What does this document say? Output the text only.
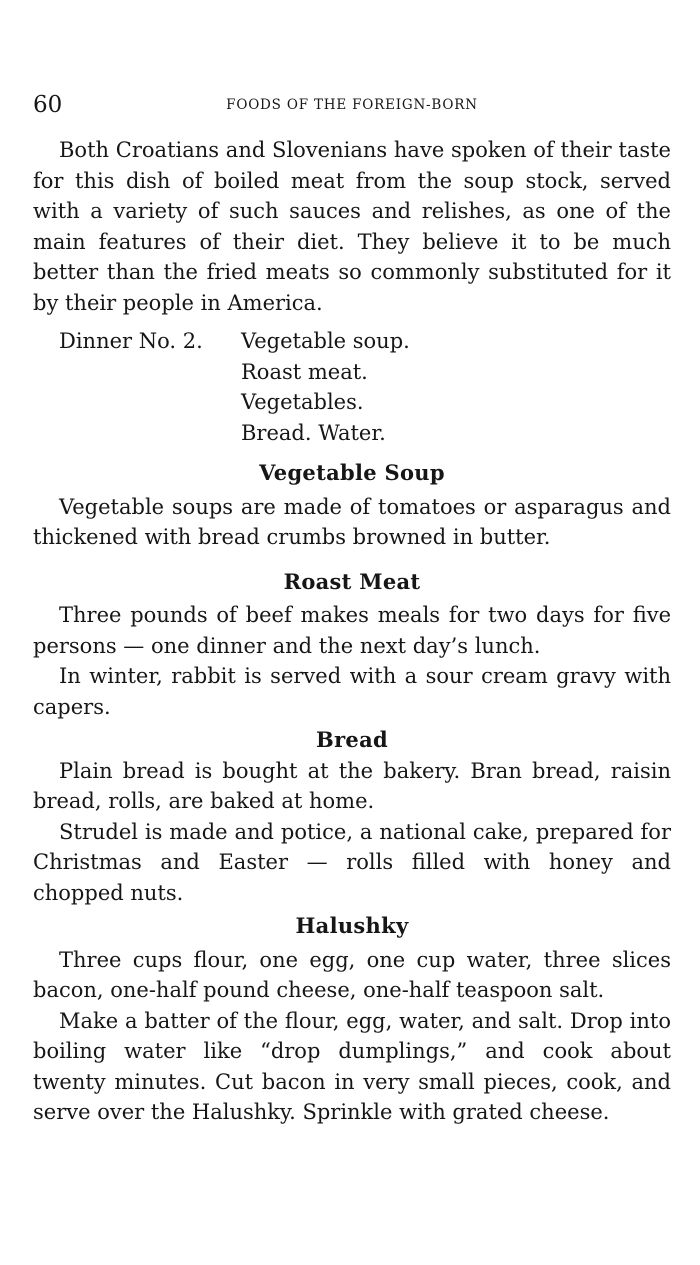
60	FOODS OF THE FOREIGN-BORN

Both Croatians and Slovenians have spoken of their taste for this dish of boiled meat from the soup stock, served with a variety of such sauces and relishes, as one of the main features of their diet. They believe it to be much better than the fried meats so commonly substituted for it by their people in America.

Dinner No. 2. Vegetable soup.
Roast meat.
Vegetables.
Bread. Water.
Vegetable Soup

Vegetable soups are made of tomatoes or asparagus and thickened with bread crumbs browned in butter.

Roast Meat

Three pounds of beef makes meals for two days for five persons — one dinner and the next day’s lunch.

In winter, rabbit is served with a sour cream gravy with capers.

Bread

Plain bread is bought at the bakery. Bran bread, raisin bread, rolls, are baked at home.

Strudel is made and potice, a national cake, prepared for Christmas and Easter — rolls filled with honey and chopped nuts.

Halushky

Three cups flour, one egg, one cup water, three slices bacon, one-half pound cheese, one-half teaspoon salt.

Make a batter of the flour, egg, water, and salt. Drop into boiling water like “drop dumplings,” and cook about twenty minutes. Cut bacon in very small pieces, cook, and serve over the Halushky. Sprinkle with grated cheese.
